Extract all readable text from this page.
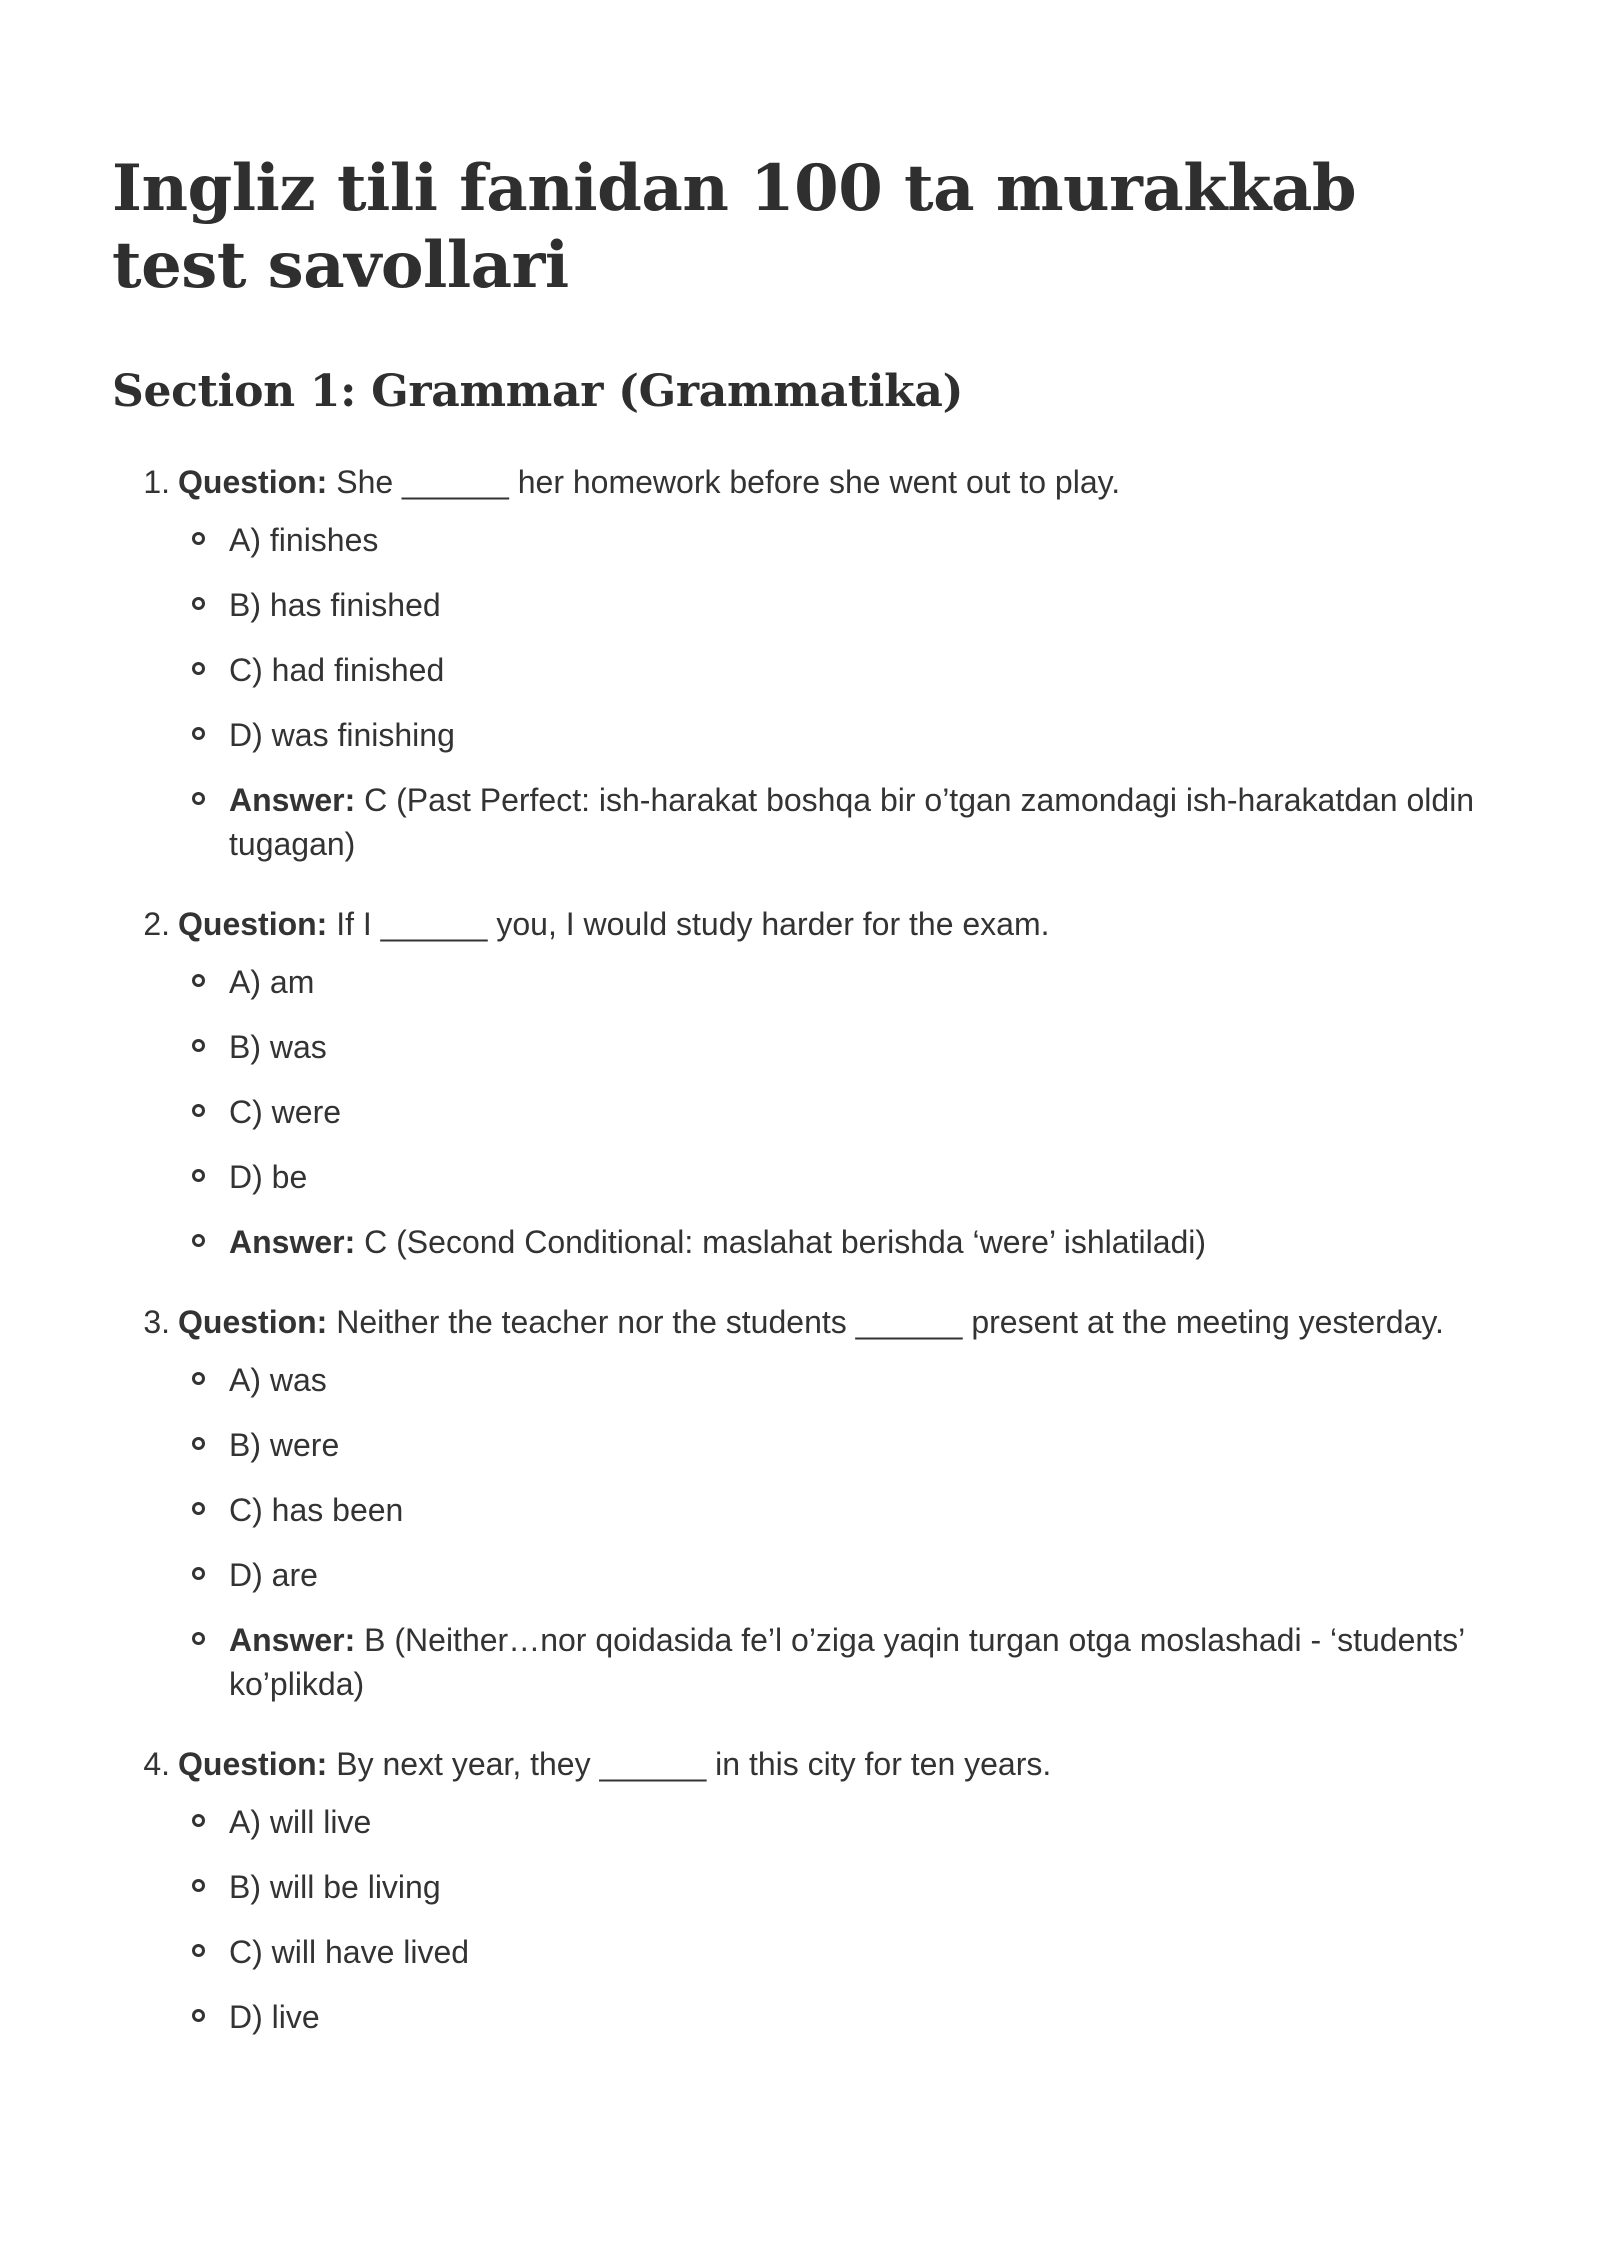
Ingliz tili fanidan 100 ta murakkab test savollari
Section 1: Grammar (Grammatika)
1. Question: She ______ her homework before she went out to play.
A) finishes
B) has finished
C) had finished
D) was finishing
Answer: C (Past Perfect: ish-harakat boshqa bir o’tgan zamondagi ish-harakatdan oldin tugagan)
2. Question: If I ______ you, I would study harder for the exam.
A) am
B) was
C) were
D) be
Answer: C (Second Conditional: maslahat berishda ‘were’ ishlatiladi)
3. Question: Neither the teacher nor the students ______ present at the meeting yesterday.
A) was
B) were
C) has been
D) are
Answer: B (Neither…nor qoidasida fe’l o’ziga yaqin turgan otga moslashadi - ‘students’ ko’plikda)
4. Question: By next year, they ______ in this city for ten years.
A) will live
B) will be living
C) will have lived
D) live
